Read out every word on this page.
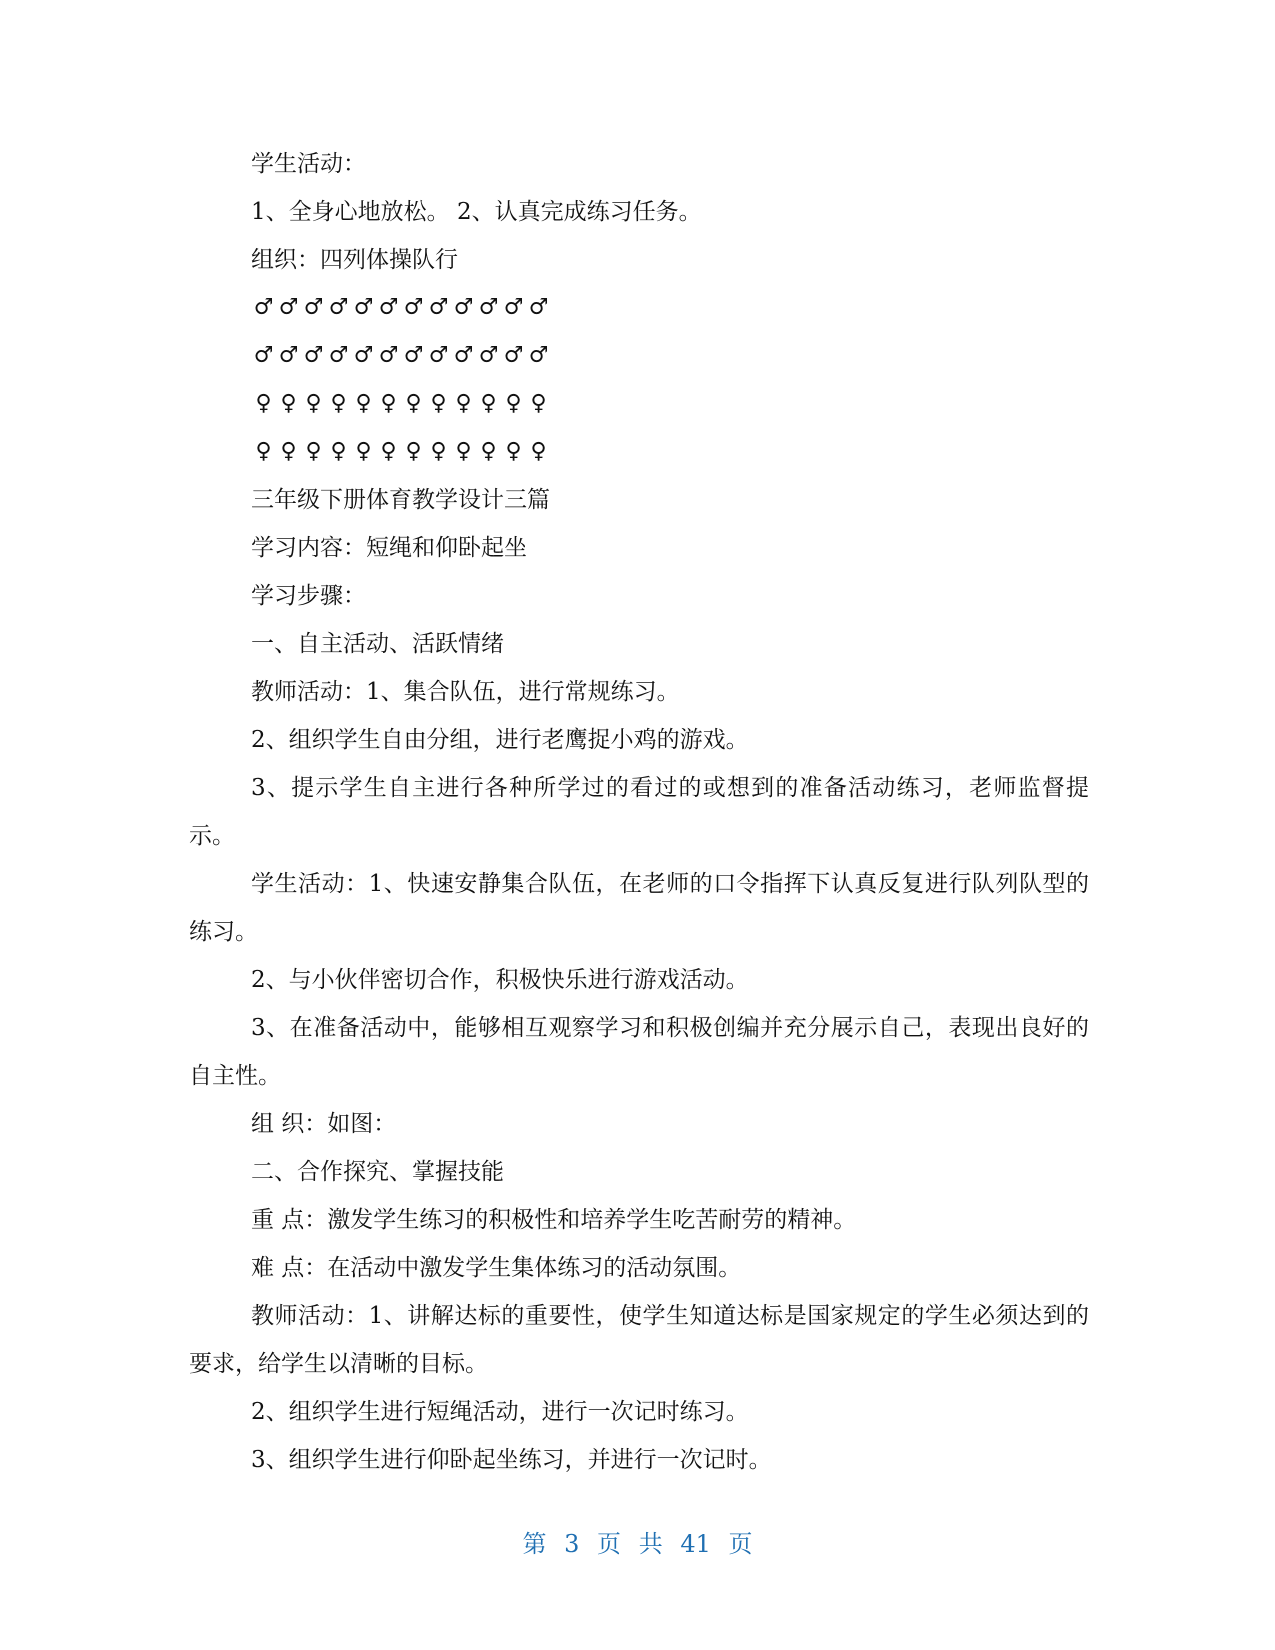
学生活动：

1、全身心地放松。 2、认真完成练习任务。

组织：四列体操队行

♂ ♂ ♂ ♂ ♂ ♂ ♂ ♂ ♂ ♂ ♂ ♂
♂ ♂ ♂ ♂ ♂ ♂ ♂ ♂ ♂ ♂ ♂ ♂
♀ ♀ ♀ ♀ ♀ ♀ ♀ ♀ ♀ ♀ ♀ ♀
♀ ♀ ♀ ♀ ♀ ♀ ♀ ♀ ♀ ♀ ♀ ♀

三年级下册体育教学设计三篇

学习内容：短绳和仰卧起坐

学习步骤：

一、自主活动、活跃情绪

教师活动：1、集合队伍，进行常规练习。

2、组织学生自由分组，进行老鹰捉小鸡的游戏。

3、提示学生自主进行各种所学过的看过的或想到的准备活动练习，老师监督提示。

学生活动：1、快速安静集合队伍，在老师的口令指挥下认真反复进行队列队型的练习。

2、与小伙伴密切合作，积极快乐进行游戏活动。

3、在准备活动中，能够相互观察学习和积极创编并充分展示自己，表现出良好的自主性。

组 织：如图：

二、合作探究、掌握技能

重 点：激发学生练习的积极性和培养学生吃苦耐劳的精神。

难 点：在活动中激发学生集体练习的活动氛围。

教师活动：1、讲解达标的重要性，使学生知道达标是国家规定的学生必须达到的要求，给学生以清晰的目标。

2、组织学生进行短绳活动，进行一次记时练习。

3、组织学生进行仰卧起坐练习，并进行一次记时。

第 3 页 共 41 页
